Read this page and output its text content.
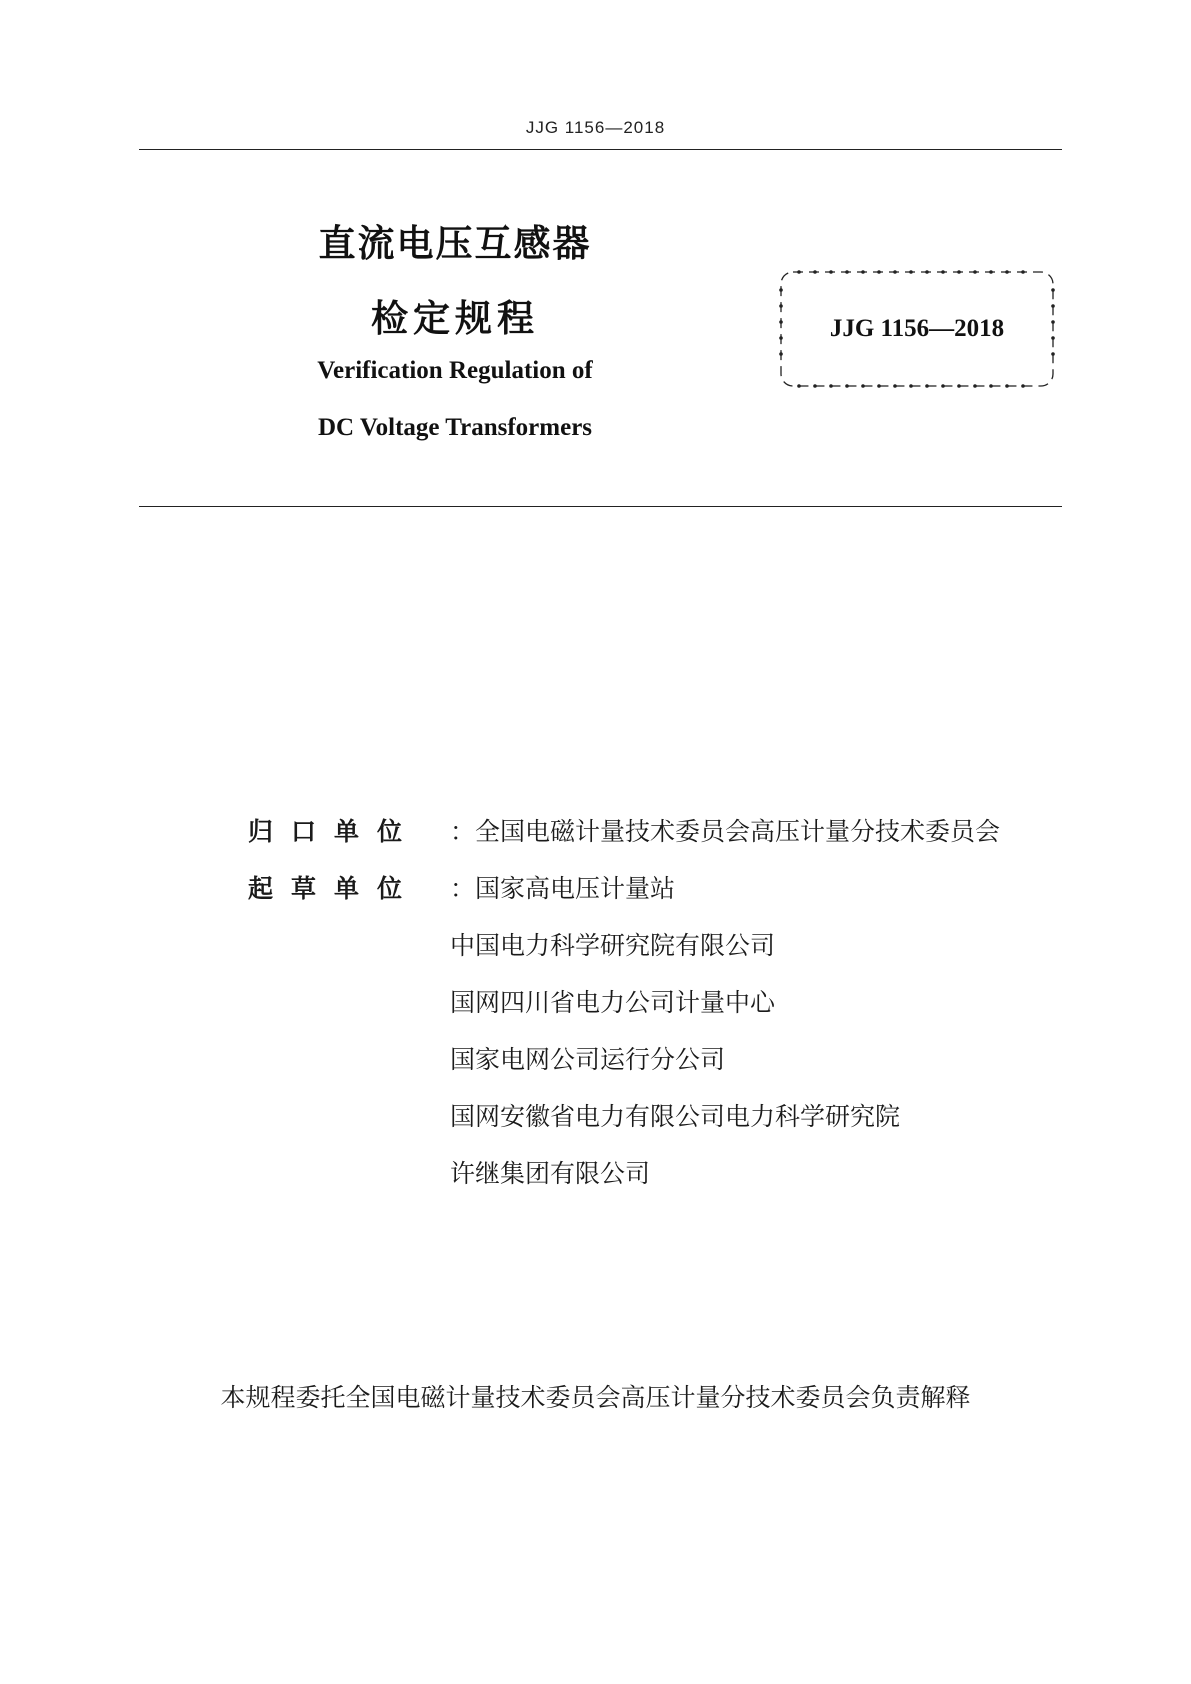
JJG 1156—2018
直流电压互感器
检定规程
Verification Regulation of
DC Voltage Transformers
JJG 1156—2018
归口单位	： 全国电磁计量技术委员会高压计量分技术委员会
起草单位	： 国家高电压计量站
中国电力科学研究院有限公司
国网四川省电力公司计量中心
国家电网公司运行分公司
国网安徽省电力有限公司电力科学研究院
许继集团有限公司
本规程委托全国电磁计量技术委员会高压计量分技术委员会负责解释
